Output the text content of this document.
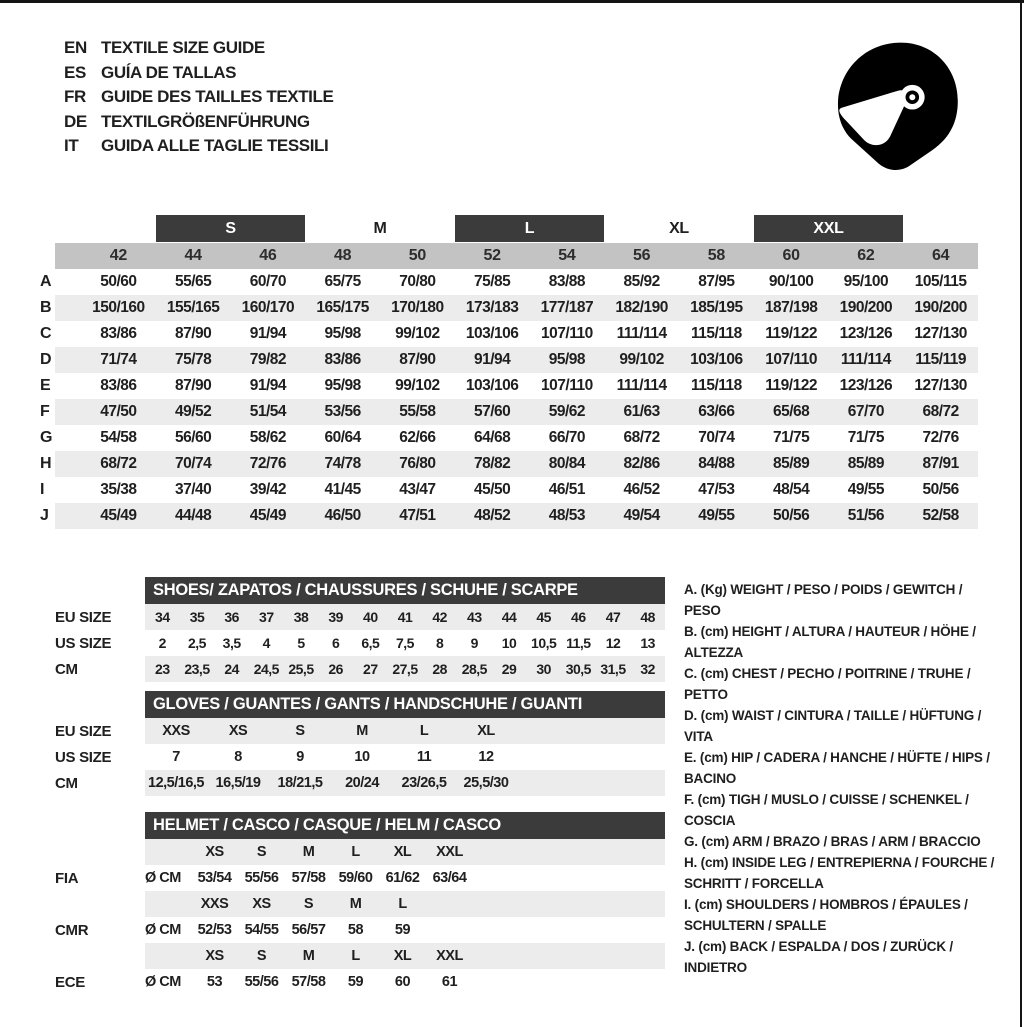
EN TEXTILE SIZE GUIDE
ES GUÍA DE TALLAS
FR GUIDE DES TAILLES TEXTILE
DE TEXTILGRÖßENFÜHRUNG
IT	GUIDA ALLE TAGLIE TESSILI
S	M	L	XL	XXL
42	44	46	48	50	52	54	56	58	60	62	64
A	50/60	55/65	60/70	65/75	70/80	75/85	83/88	85/92	87/95	90/100	95/100	105/115
B	150/160	155/165	160/170	165/175	170/180	173/183	177/187	182/190	185/195	187/198	190/200	190/200
C	83/86	87/90	91/94	95/98	99/102	103/106	107/110	111/114	115/118	119/122	123/126	127/130
D	71/74	75/78	79/82	83/86	87/90	91/94	95/98	99/102	103/106	107/110	111/114	115/119
E	83/86	87/90	91/94	95/98	99/102	103/106	107/110	111/114	115/118	119/122	123/126	127/130
F	47/50	49/52	51/54	53/56	55/58	57/60	59/62	61/63	63/66	65/68	67/70	68/72
G	54/58	56/60	58/62	60/64	62/66	64/68	66/70	68/72	70/74	71/75	71/75	72/76
H	68/72	70/74	72/76	74/78	76/80	78/82	80/84	82/86	84/88	85/89	85/89	87/91
I	35/38	37/40	39/42	41/45	43/47	45/50	46/51	46/52	47/53	48/54	49/55	50/56
J	45/49	44/48	45/49	46/50	47/51	48/52	48/53	49/54	49/55	50/56	51/56	52/58
SHOES/ ZAPATOS / CHAUSSURES / SCHUHE / SCARPE
EU SIZE	34	35	36	37	38	39	40	41	42	43	44	45	46	47	48
US SIZE	2	2,5	3,5	4	5	6	6,5	7,5	8	9	10	10,5 11,5	12	13
CM	23	23,5	24	24,5 25,5	26	27	27,5	28	28,5	29	30	30,5 31,5	32
GLOVES / GUANTES / GANTS / HANDSCHUHE / GUANTI
EU SIZE	XXS	XS	S	M	L	XL
US SIZE	7	8	9	10	11	12
CM	12,5/16,5 16,5/19	18/21,5	20/24	23/26,5	25,5/30
HELMET / CASCO / CASQUE / HELM / CASCO
XS	S	M	L	XL	XXL
FIA	Ø CM	53/54 55/56 57/58 59/60 61/62 63/64
XXS	XS	S	M	L
CMR	Ø CM	52/53 54/55 56/57	58	59
XS	S	M	L	XL	XXL
ECE	Ø CM	53	55/56 57/58	59	60	61
A. (Kg) WEIGHT / PESO / POIDS / GEWITCH / PESO
B. (cm) HEIGHT / ALTURA / HAUTEUR / HÖHE / ALTEZZA
C. (cm) CHEST / PECHO / POITRINE / TRUHE / PETTO
D. (cm) WAIST / CINTURA / TAILLE / HÜFTUNG / VITA
E. (cm) HIP / CADERA / HANCHE / HÜFTE / HIPS / BACINO
F. (cm) TIGH / MUSLO / CUISSE / SCHENKEL / COSCIA
G. (cm) ARM / BRAZO / BRAS / ARM / BRACCIO
H. (cm) INSIDE LEG / ENTREPIERNA / FOURCHE / SCHRITT / FORCELLA
I. (cm) SHOULDERS / HOMBROS / ÉPAULES / SCHULTERN / SPALLE
J. (cm) BACK / ESPALDA / DOS / ZURÜCK / INDIETRO
